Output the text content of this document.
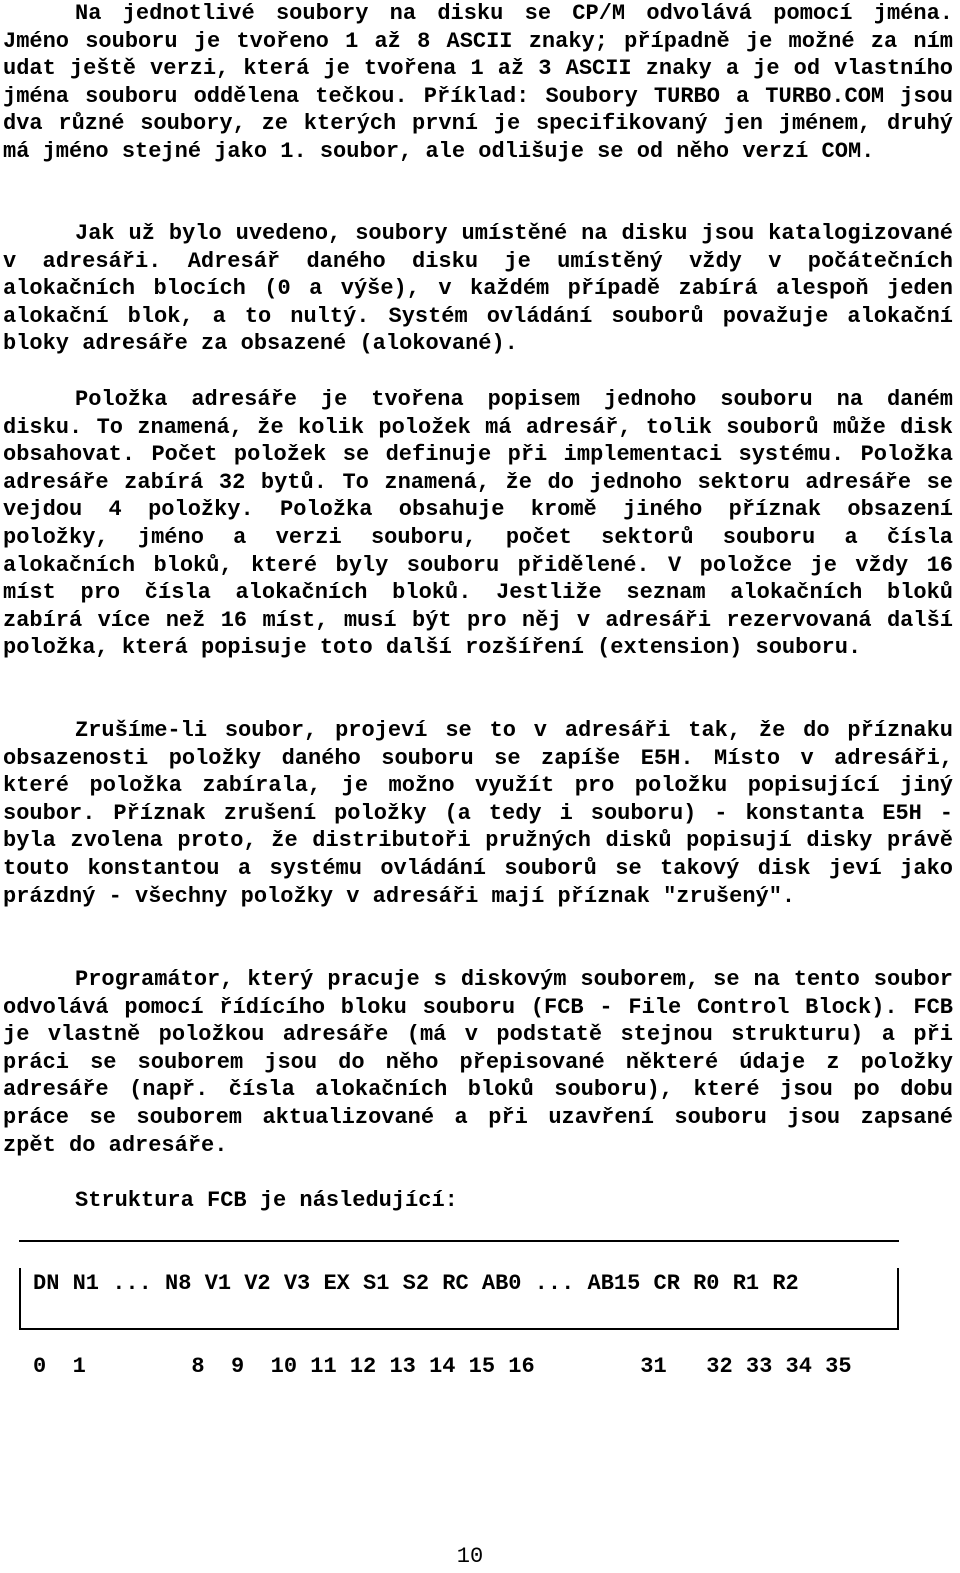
Na jednotlivé soubory na disku se CP/M odvolává pomocí jména. Jméno souboru je tvořeno 1 až 8 ASCII znaky; případně je možné za ním udat ještě verzi, která je tvořena 1 až 3 ASCII znaky a je od vlastního jména souboru oddělena tečkou. Příklad: Soubory TURBO a TURBO.COM jsou dva různé soubory, ze kterých první je specifikovaný jen jménem, druhý má jméno stejné jako 1. soubor, ale odlišuje se od něho verzí COM.

Jak už bylo uvedeno, soubory umístěné na disku jsou katalogizované v adresáři. Adresář daného disku je umístěný vždy v počátečních alokačních blocích (0 a výše), v každém případě zabírá alespoň jeden alokační blok, a to nultý. Systém ovládání souborů považuje alokační bloky adresáře za obsazené (alokované).

Položka adresáře je tvořena popisem jednoho souboru na daném disku. To znamená, že kolik položek má adresář, tolik souborů může disk obsahovat. Počet položek se definuje při implementaci systému. Položka adresáře zabírá 32 bytů. To znamená, že do jednoho sektoru adresáře se vejdou 4 položky. Položka obsahuje kromě jiného příznak obsazení položky, jméno a verzi souboru, počet sektorů souboru a čísla alokačních bloků, které byly souboru přidělené. V položce je vždy 16 míst pro čísla alokačních bloků. Jestliže seznam alokačních bloků zabírá více než 16 míst, musí být pro něj v adresáři rezervovaná další položka, která popisuje toto další rozšíření (extension) souboru.

Zrušíme-li soubor, projeví se to v adresáři tak, že do příznaku obsazenosti položky daného souboru se zapíše E5H. Místo v adresáři, které položka zabírala, je možno využít pro položku popisující jiný soubor. Příznak zrušení položky (a tedy i souboru) - konstanta E5H - byla zvolena proto, že distributoři pružných disků popisují disky právě touto konstantou a systému ovládání souborů se takový disk jeví jako prázdný - všechny položky v adresáři mají příznak "zrušený".

Programátor, který pracuje s diskovým souborem, se na tento soubor odvolává pomocí řídícího bloku souboru (FCB - File Control Block). FCB je vlastně položkou adresáře (má v podstatě stejnou strukturu) a při práci se souborem jsou do něho přepisované některé údaje z položky adresáře (např. čísla alokačních bloků souboru), které jsou po dobu práce se souborem aktualizované a při uzavření souboru jsou zapsané zpět do adresáře.

Struktura FCB je následující:

DN N1 ... N8 V1 V2 V3 EX S1 S2 RC AB0 ... AB15 CR R0 R1 R2
0  1        8  9  10 11 12 13 14 15 16        31   32 33 34 35
10
